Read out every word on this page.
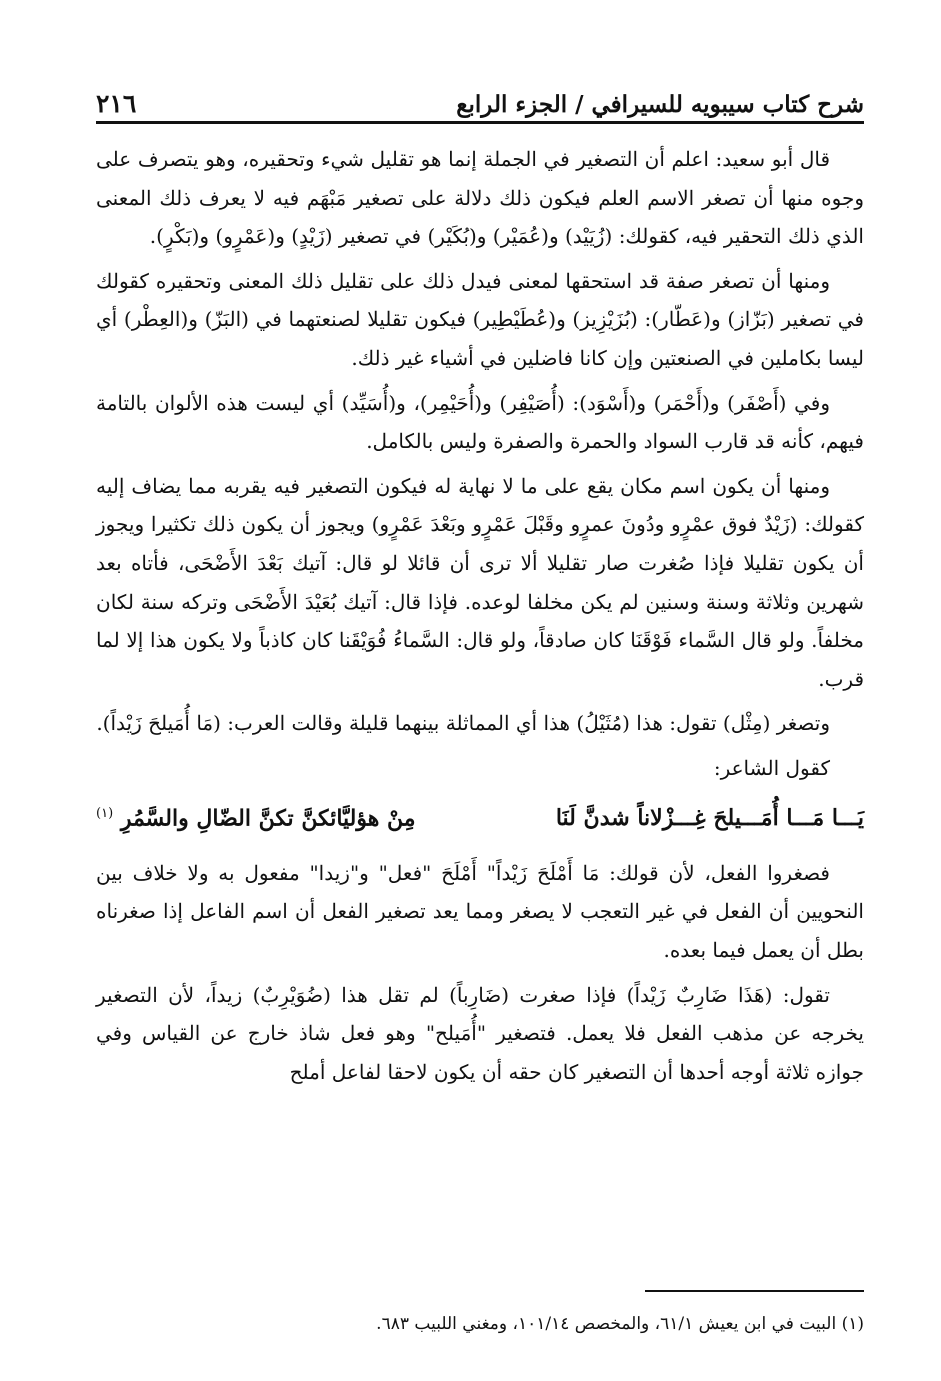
شرح كتاب سيبويه للسيرافي / الجزء الرابع
٢١٦

قال أبو سعيد: اعلم أن التصغير في الجملة إنما هو تقليل شيء وتحقيره، وهو يتصرف على وجوه منها أن تصغر الاسم العلم فيكون ذلك دلالة على تصغير مَبْهَم فيه لا يعرف ذلك المعنى الذي ذلك التحقير فيه، كقولك: (زُيَيْد) و(عُمَيْر) و(بُكَيْر) في تصغير (زَيْدٍ) و(عَمْرٍو) و(بَكْرٍ).

ومنها أن تصغر صفة قد استحقها لمعنى فيدل ذلك على تقليل ذلك المعنى وتحقيره كقولك في تصغير (بَزّاز) و(عَطّار): (بُزَيْزِيز) و(عُطَيْطِير) فيكون تقليلا لصنعتهما في (البَزّ) و(العِطْر) أي ليسا بكاملين في الصنعتين وإن كانا فاضلين في أشياء غير ذلك.

وفي (أَصْفَر) و(أَحْمَر) و(أَسْوَد): (أُصَيْفِر) و(أُحَيْمِر)، و(أُسَيِّد) أي ليست هذه الألوان بالتامة فيهم، كأنه قد قارب السواد والحمرة والصفرة وليس بالكامل.

ومنها أن يكون اسم مكان يقع على ما لا نهاية له فيكون التصغير فيه يقربه مما يضاف إليه كقولك: (زَيْدٌ فوق عمْرٍو ودُونَ عمرٍو وقَبْلَ عَمْرٍو وبَعْدَ عَمْرٍو) ويجوز أن يكون ذلك تكثيرا ويجوز أن يكون تقليلا فإذا صُغرت صار تقليلا ألا ترى أن قائلا لو قال: آتيك بَعْدَ الأَضْحَى، فأتاه بعد شهرين وثلاثة وسنة وسنين لم يكن مخلفا لوعده. فإذا قال: آتيك بُعَيْدَ الأَضْحَى وتركه سنة لكان مخلفاً. ولو قال السَّماء فَوْقَنَا كان صادقاً، ولو قال: السَّماءُ فُوَيْقَنا كان كاذباً ولا يكون هذا إلا لما قرب.

وتصغر (مِثْل) تقول: هذا (مُثَيْلُ) هذا أي المماثلة بينهما قليلة وقالت العرب: (مَا أُمَيلحَ زَيْداً).

كقول الشاعر:

يَـــا مَـــا أُمَـــيلحَ غِـــزْلاناً شدنَّ لَنَا
مِنْ هؤليَّائكنَّ تكنَّ الضّالِ والسَّمُرِ $^{(١)}$

فصغروا الفعل، لأن قولك: مَا أَمْلَحَ زَيْداً" أَمْلَحَ "فعل" و"زيدا" مفعول به ولا خلاف بين النحويين أن الفعل في غير التعجب لا يصغر ومما يعد تصغير الفعل أن اسم الفاعل إذا صغرناه بطل أن يعمل فيما بعده.

تقول: (هَذَا ضَارِبٌ زَيْداً) فإذا صغرت (ضَارِباً) لم تقل هذا (ضُوَيْرِبٌ) زيداً، لأن التصغير يخرجه عن مذهب الفعل فلا يعمل. فتصغير "أُمَيلح" وهو فعل شاذ خارج عن القياس وفي جوازه ثلاثة أوجه أحدها أن التصغير كان حقه أن يكون لاحقا لفاعل أملح

(١) البيت في ابن يعيش ٦١/١، والمخصص ١٠١/١٤، ومغني اللبيب ٦٨٣.
